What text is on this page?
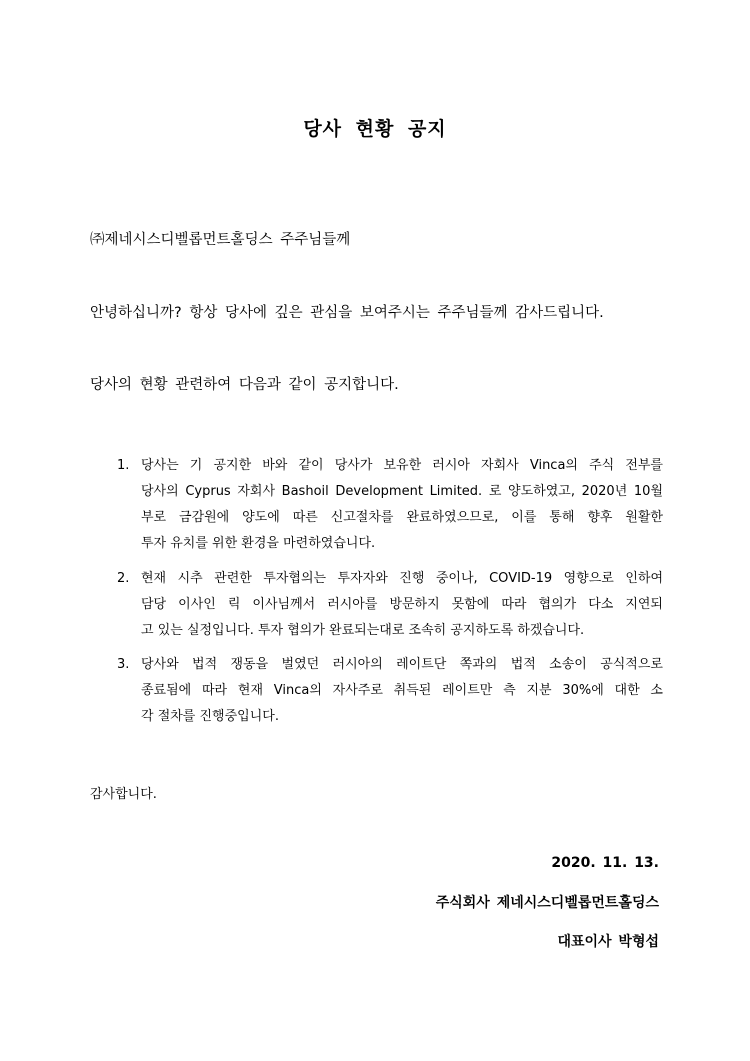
당사 현황 공지
㈜제네시스디벨롭먼트홀딩스 주주님들께
안녕하십니까? 항상 당사에 깊은 관심을 보여주시는 주주님들께 감사드립니다.
당사의 현황 관련하여 다음과 같이 공지합니다.
1. 당사는 기 공지한 바와 같이 당사가 보유한 러시아 자회사 Vinca의 주식 전부를
당사의 Cyprus 자회사 Bashoil Development Limited. 로 양도하였고, 2020년 10월
부로 금감원에 양도에 따른 신고절차를 완료하였으므로, 이를 통해 향후 원활한
투자 유치를 위한 환경을 마련하였습니다.
2. 현재 시추 관련한 투자협의는 투자자와 진행 중이나, COVID-19 영향으로 인하여
담당 이사인 릭 이사님께서 러시아를 방문하지 못함에 따라 협의가 다소 지연되
고 있는 실정입니다. 투자 협의가 완료되는대로 조속히 공지하도록 하겠습니다.
3. 당사와 법적 쟁동을 벌였던 러시아의 레이트단 쪽과의 법적 소송이 공식적으로
종료됨에 따라 현재 Vinca의 자사주로 취득된 레이트만 측 지분 30%에 대한 소
각 절차를 진행중입니다.
감사합니다.
2020. 11. 13.
주식회사 제네시스디벨롭먼트홀딩스
대표이사 박형섭
